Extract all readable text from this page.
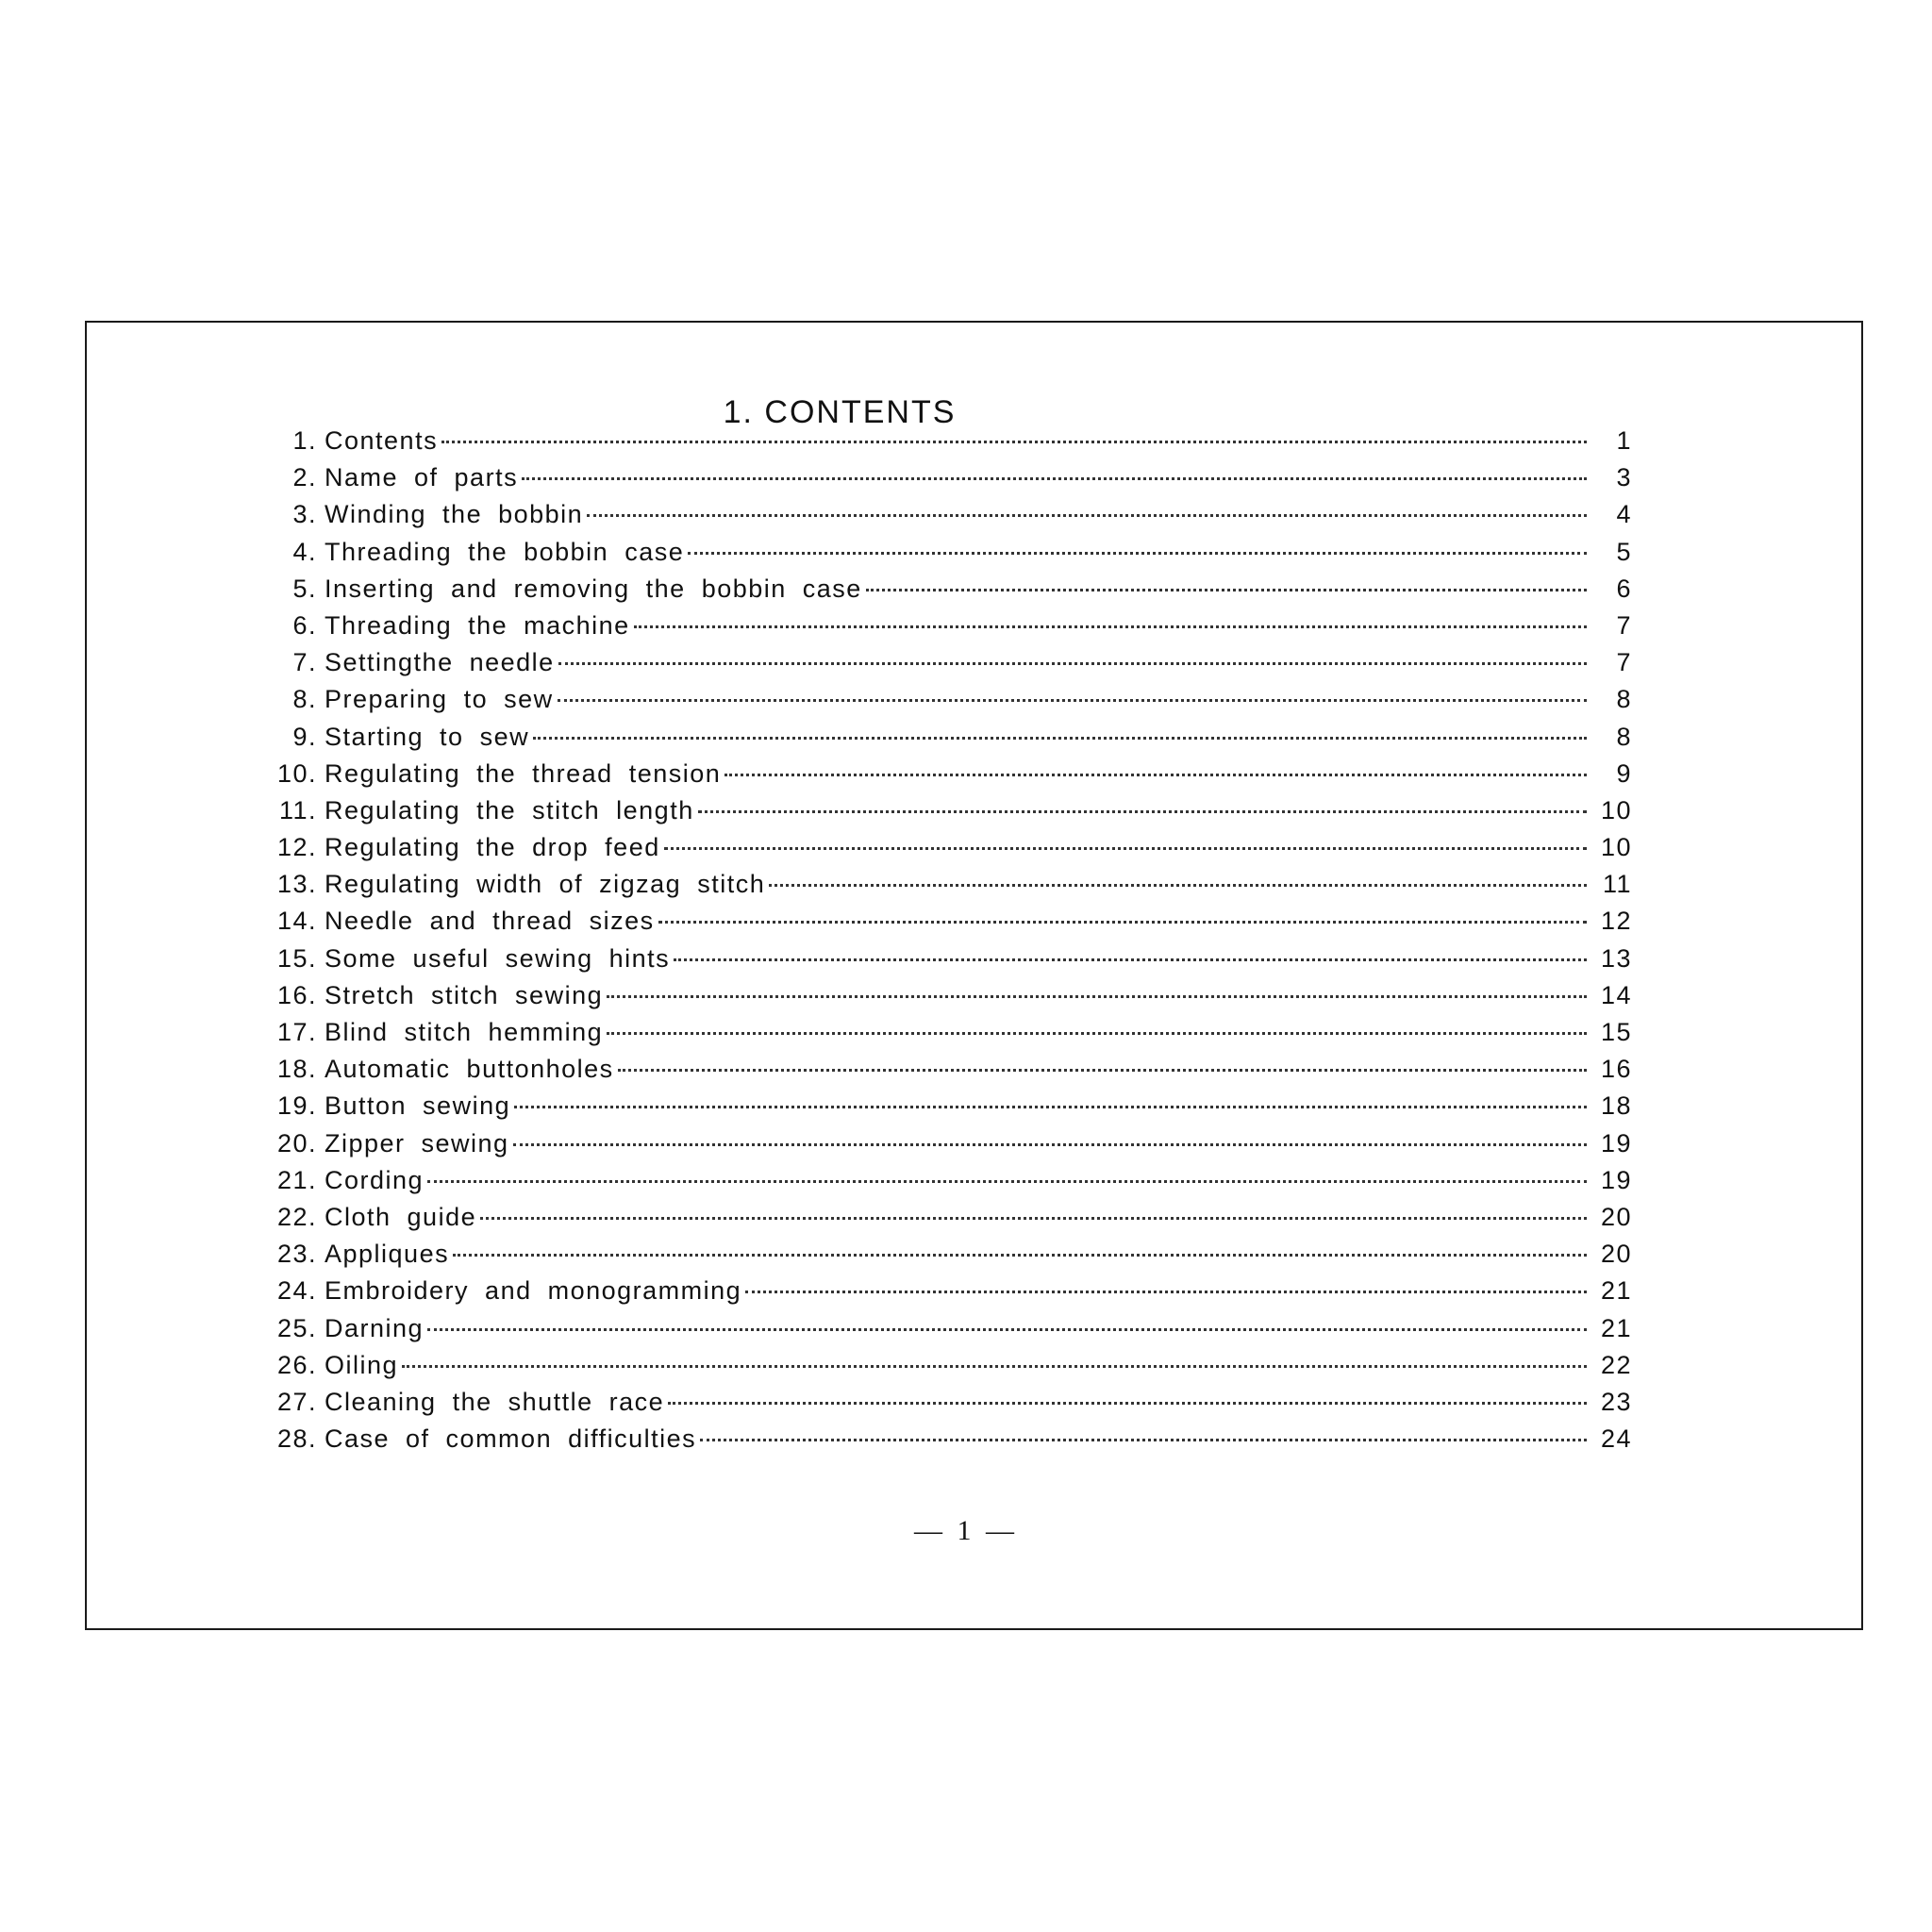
1. CONTENTS
1. Contents	1
2. Name of parts	3
3. Winding the bobbin	4
4. Threading the bobbin case	5
5. Inserting and removing the bobbin case	6
6. Threading the machine	7
7. Settingthe needle	7
8. Preparing to sew	8
9. Starting to sew	8
10. Regulating the thread tension	9
11. Regulating the stitch length	10
12. Regulating the drop feed	10
13. Regulating width of zigzag stitch	11
14. Needle and thread sizes	12
15. Some useful sewing hints	13
16. Stretch stitch sewing	14
17. Blind stitch hemming	15
18. Automatic buttonholes	16
19. Button sewing	18
20. Zipper sewing	19
21. Cording	19
22. Cloth guide	20
23. Appliques	20
24. Embroidery and monogramming	21
25. Darning	21
26. Oiling	22
27. Cleaning the shuttle race	23
28. Case of common difficulties	24
— 1 —
